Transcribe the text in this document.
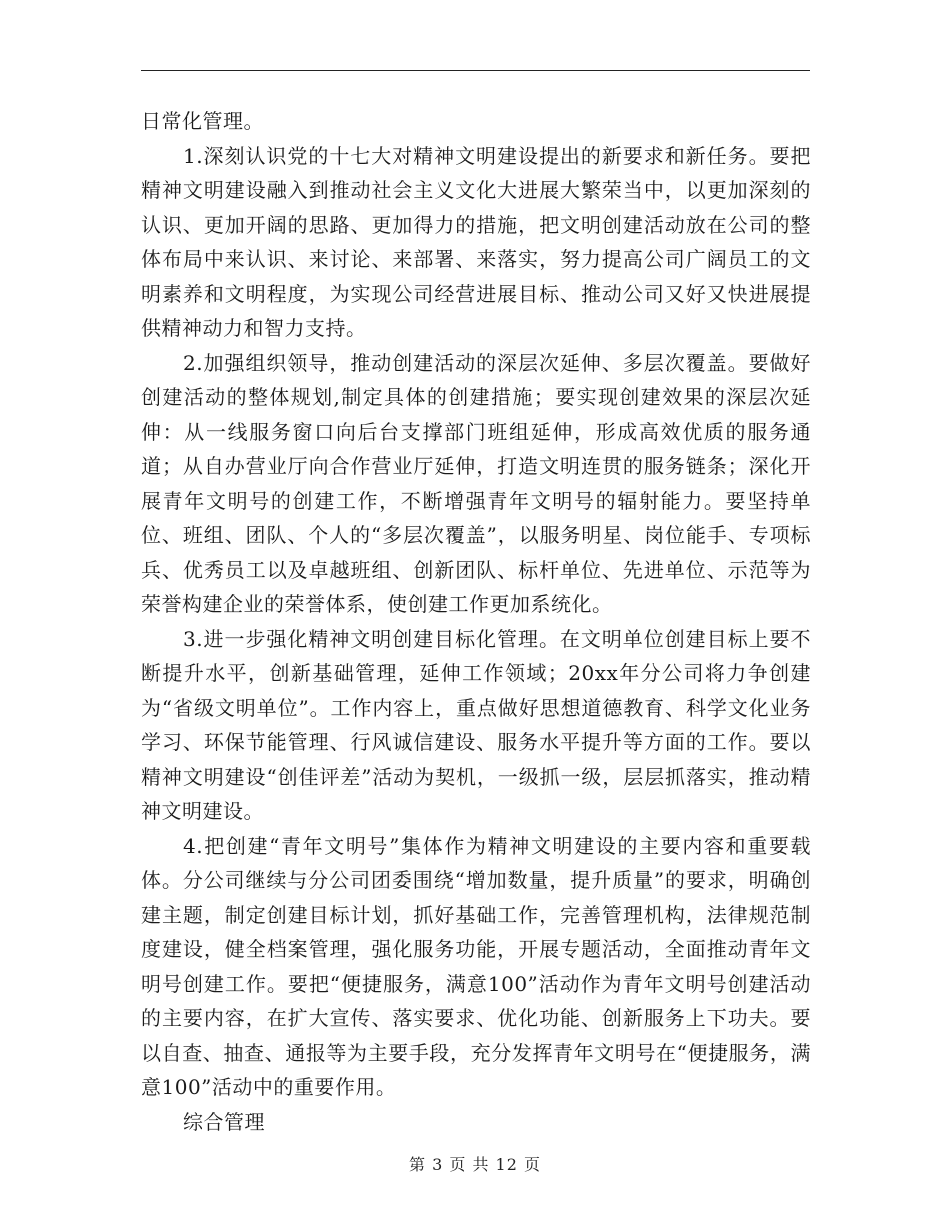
日常化管理。

1.深刻认识党的十七大对精神文明建设提出的新要求和新任务。要把精神文明建设融入到推动社会主义文化大进展大繁荣当中，以更加深刻的认识、更加开阔的思路、更加得力的措施，把文明创建活动放在公司的整体布局中来认识、来讨论、来部署、来落实，努力提高公司广阔员工的文明素养和文明程度，为实现公司经营进展目标、推动公司又好又快进展提供精神动力和智力支持。

2.加强组织领导，推动创建活动的深层次延伸、多层次覆盖。要做好创建活动的整体规划,制定具体的创建措施；要实现创建效果的深层次延伸：从一线服务窗口向后台支撑部门班组延伸，形成高效优质的服务通道；从自办营业厅向合作营业厅延伸，打造文明连贯的服务链条；深化开展青年文明号的创建工作，不断增强青年文明号的辐射能力。要坚持单位、班组、团队、个人的“多层次覆盖”，以服务明星、岗位能手、专项标兵、优秀员工以及卓越班组、创新团队、标杆单位、先进单位、示范等为荣誉构建企业的荣誉体系，使创建工作更加系统化。

3.进一步强化精神文明创建目标化管理。在文明单位创建目标上要不断提升水平，创新基础管理，延伸工作领域；20xx年分公司将力争创建为“省级文明单位”。工作内容上，重点做好思想道德教育、科学文化业务学习、环保节能管理、行风诚信建设、服务水平提升等方面的工作。要以精神文明建设“创佳评差”活动为契机，一级抓一级，层层抓落实，推动精神文明建设。

4.把创建“青年文明号”集体作为精神文明建设的主要内容和重要载体。分公司继续与分公司团委围绕“增加数量，提升质量”的要求，明确创建主题，制定创建目标计划，抓好基础工作，完善管理机构，法律规范制度建设，健全档案管理，强化服务功能，开展专题活动，全面推动青年文明号创建工作。要把“便捷服务，满意100”活动作为青年文明号创建活动的主要内容，在扩大宣传、落实要求、优化功能、创新服务上下功夫。要以自查、抽查、通报等为主要手段，充分发挥青年文明号在“便捷服务，满意100”活动中的重要作用。

综合管理

第 3 页 共 12 页
